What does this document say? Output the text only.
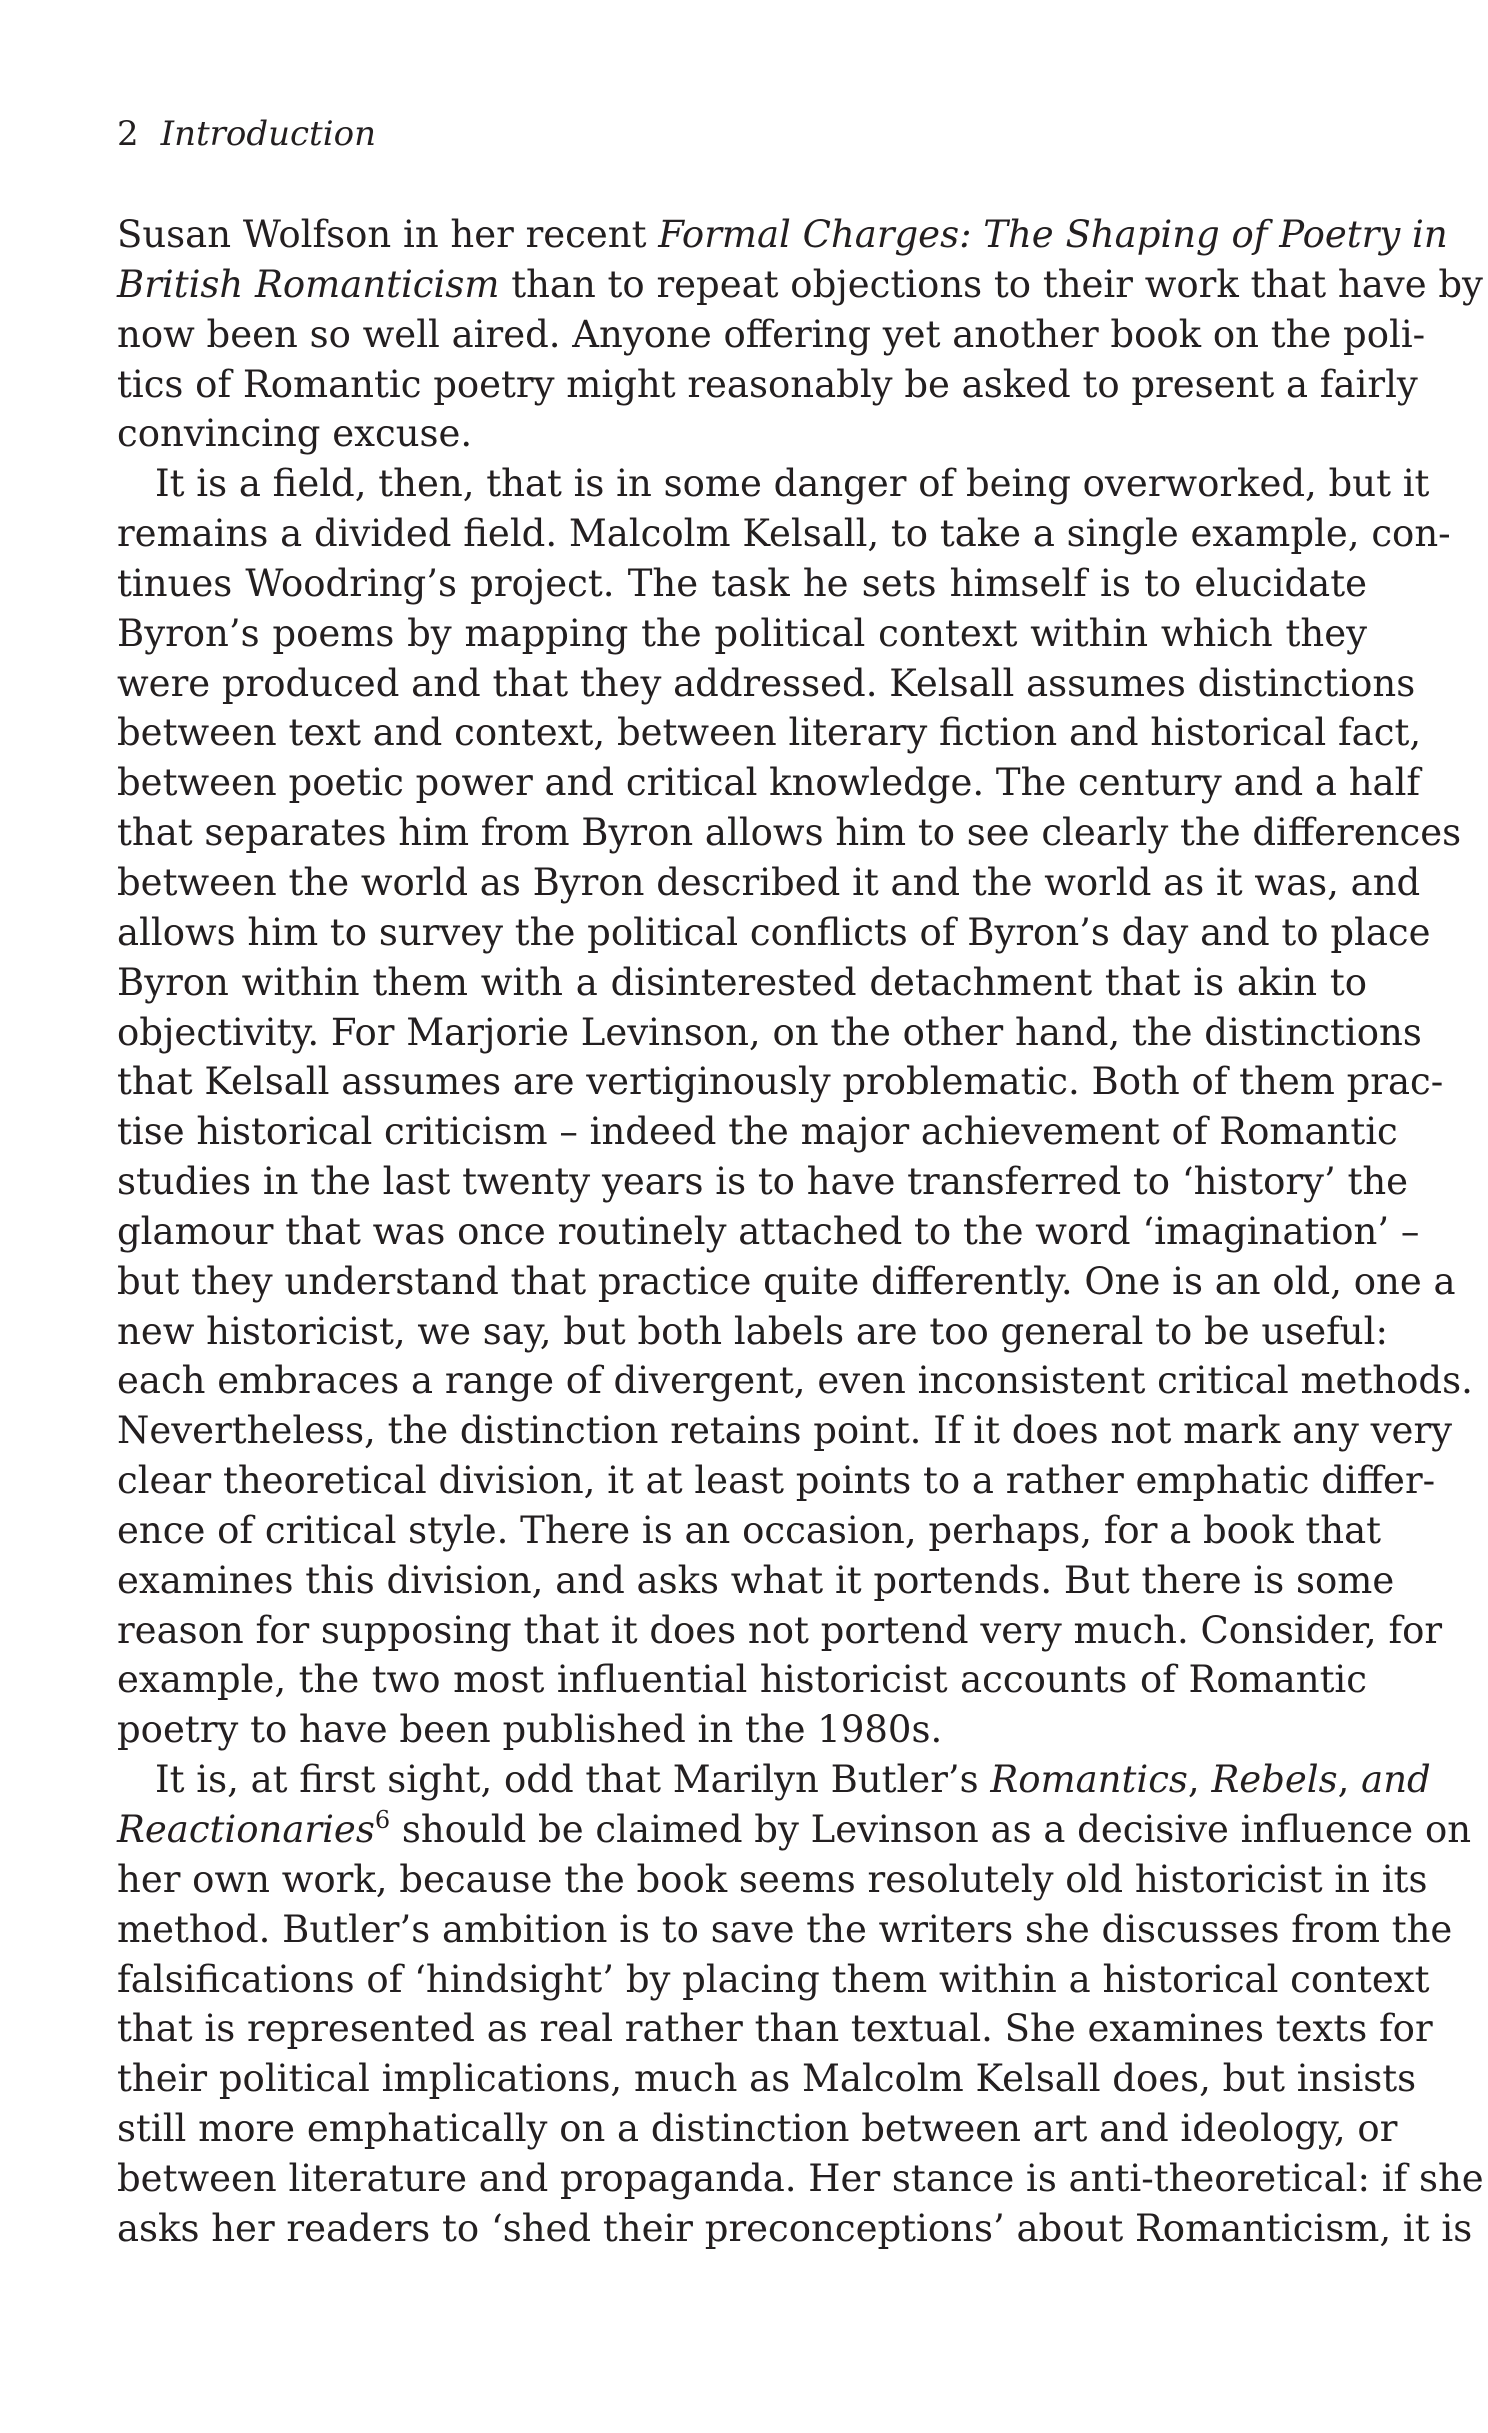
2 Introduction
Susan Wolfson in her recent Formal Charges: The Shaping of Poetry in
British Romanticism than to repeat objections to their work that have by
now been so well aired. Anyone offering yet another book on the poli-
tics of Romantic poetry might reasonably be asked to present a fairly
convincing excuse.
It is a field, then, that is in some danger of being overworked, but it
remains a divided field. Malcolm Kelsall, to take a single example, con-
tinues Woodring’s project. The task he sets himself is to elucidate
Byron’s poems by mapping the political context within which they
were produced and that they addressed. Kelsall assumes distinctions
between text and context, between literary fiction and historical fact,
between poetic power and critical knowledge. The century and a half
that separates him from Byron allows him to see clearly the differences
between the world as Byron described it and the world as it was, and
allows him to survey the political conflicts of Byron’s day and to place
Byron within them with a disinterested detachment that is akin to
objectivity. For Marjorie Levinson, on the other hand, the distinctions
that Kelsall assumes are vertiginously problematic. Both of them prac-
tise historical criticism – indeed the major achievement of Romantic
studies in the last twenty years is to have transferred to ‘history’ the
glamour that was once routinely attached to the word ‘imagination’ –
but they understand that practice quite differently. One is an old, one a
new historicist, we say, but both labels are too general to be useful:
each embraces a range of divergent, even inconsistent critical methods.
Nevertheless, the distinction retains point. If it does not mark any very
clear theoretical division, it at least points to a rather emphatic differ-
ence of critical style. There is an occasion, perhaps, for a book that
examines this division, and asks what it portends. But there is some
reason for supposing that it does not portend very much. Consider, for
example, the two most influential historicist accounts of Romantic
poetry to have been published in the 1980s.
It is, at first sight, odd that Marilyn Butler’s Romantics, Rebels, and
Reactionaries$^6$ should be claimed by Levinson as a decisive influence on
her own work, because the book seems resolutely old historicist in its
method. Butler’s ambition is to save the writers she discusses from the
falsifications of ‘hindsight’ by placing them within a historical context
that is represented as real rather than textual. She examines texts for
their political implications, much as Malcolm Kelsall does, but insists
still more emphatically on a distinction between art and ideology, or
between literature and propaganda. Her stance is anti-theoretical: if she
asks her readers to ‘shed their preconceptions’ about Romanticism, it is
